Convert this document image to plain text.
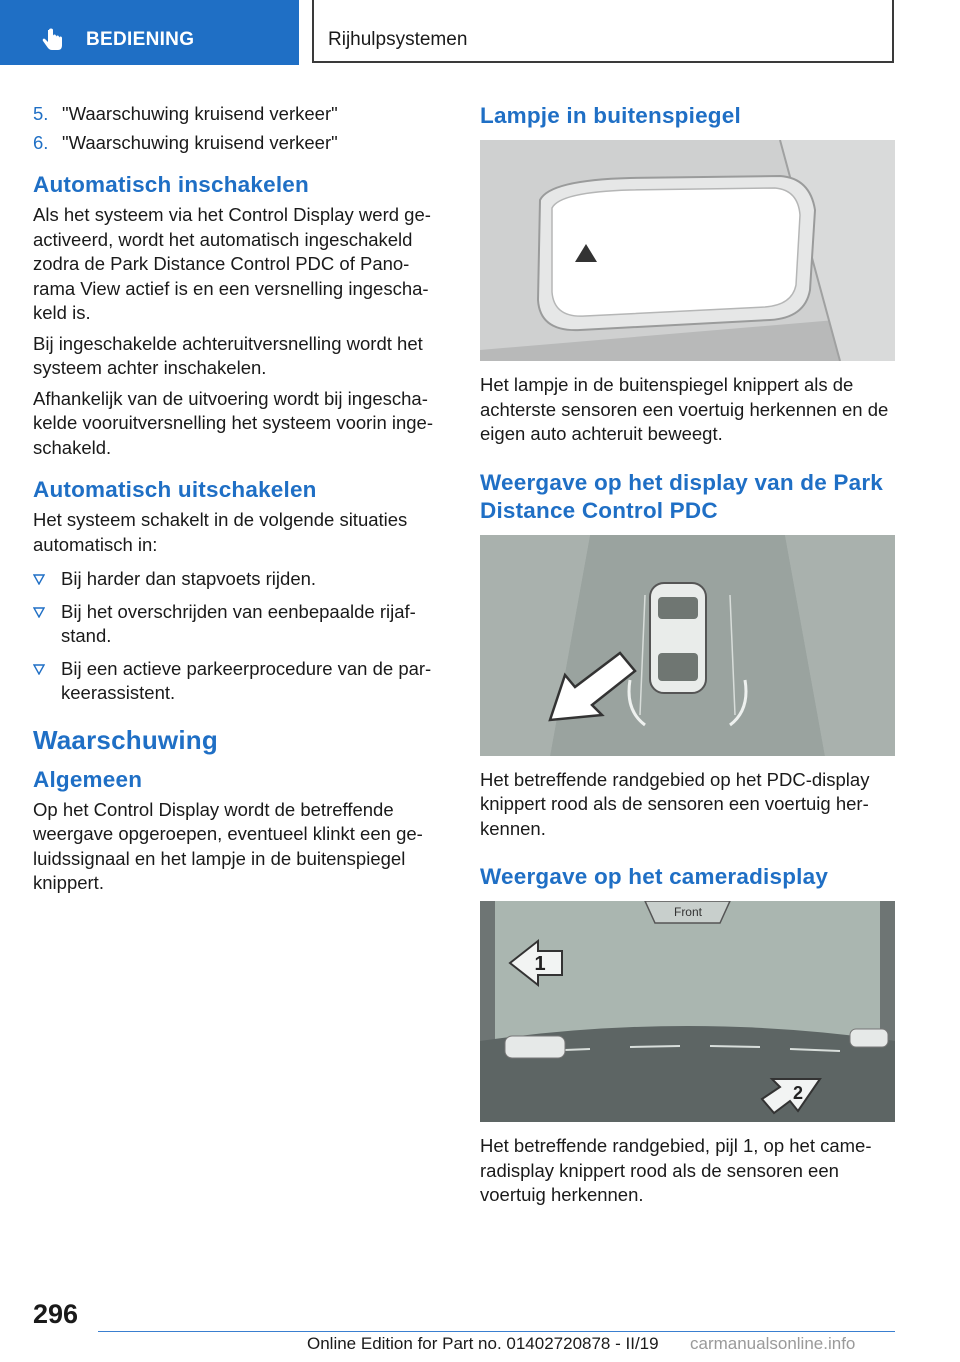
BEDIENING	Rijhulpsystemen
5. "Waarschuwing kruisend verkeer"
6. "Waarschuwing kruisend verkeer"
Automatisch inschakelen

Als het systeem via het Control Display werd ge‐activeerd, wordt het automatisch ingeschakeld zodra de Park Distance Control PDC of Pano‐rama View actief is en een versnelling ingescha‐keld is.

Bij ingeschakelde achteruitversnelling wordt het systeem achter inschakelen.

Afhankelijk van de uitvoering wordt bij ingescha‐kelde vooruitversnelling het systeem voorin inge‐schakeld.

Automatisch uitschakelen

Het systeem schakelt in de volgende situaties automatisch in:

Bij harder dan stapvoets rijden.
Bij het overschrijden van eenbepaalde rijaf‐stand.
Bij een actieve parkeerprocedure van de par‐keerassistent.
Waarschuwing
Algemeen

Op het Control Display wordt de betreffende weergave opgeroepen, eventueel klinkt een ge‐luidssignaal en het lampje in de buitenspiegel knippert.

Lampje in buitenspiegel

Het lampje in de buitenspiegel knippert als de achterste sensoren een voertuig herkennen en de eigen auto achteruit beweegt.

Weergave op het display van de Park Distance Control PDC

Het betreffende randgebied op het PDC-display knippert rood als de sensoren een voertuig her‐kennen.

Weergave op het cameradisplay
Front
1
2

Het betreffende randgebied, pijl 1, op het came‐radisplay knippert rood als de sensoren een voertuig herkennen.

296
Online Edition for Part no. 01402720878 - II/19 carmanualsonline.info
